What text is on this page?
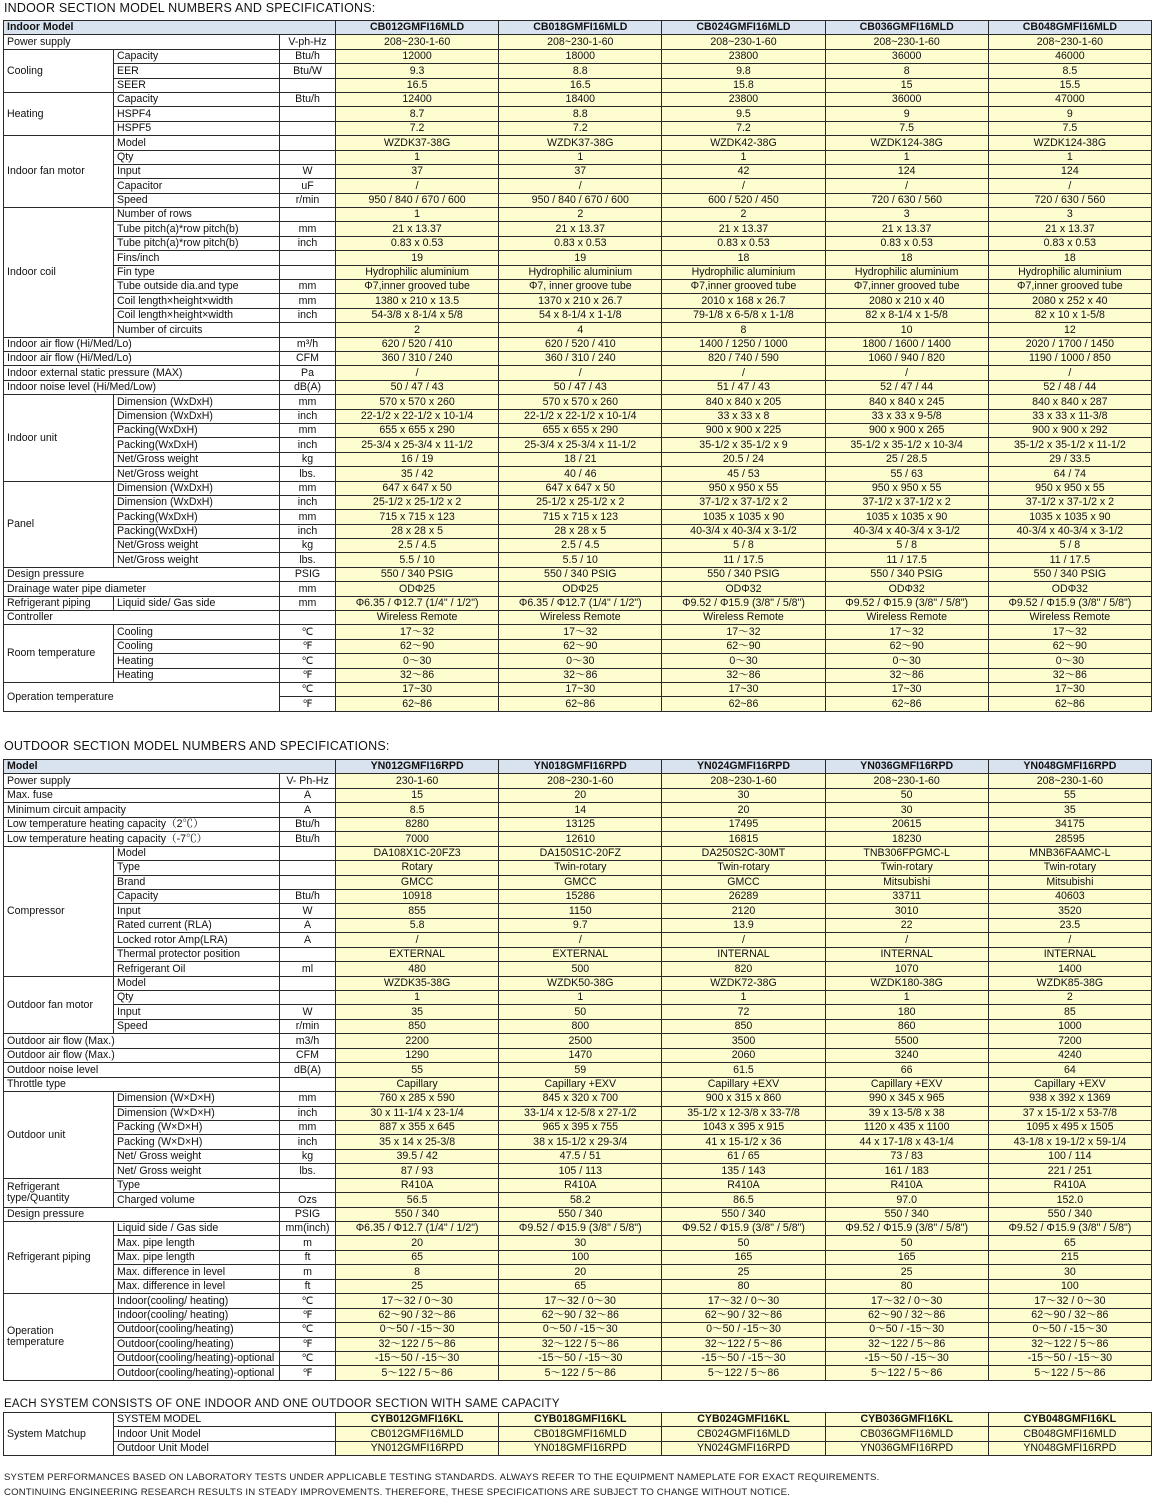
INDOOR SECTION MODEL NUMBERS AND SPECIFICATIONS:
Indoor Model			CB012GMFI16MLD	CB018GMFI16MLD	CB024GMFI16MLD	CB036GMFI16MLD	CB048GMFI16MLD
Power supply		V-ph-Hz	208~230-1-60	208~230-1-60	208~230-1-60	208~230-1-60	208~230-1-60
Cooling	Capacity	Btu/h	12000	18000	23800	36000	46000
	EER	Btu/W	9.3	8.8	9.8	8	8.5
	SEER		16.5	16.5	15.8	15	15.5
Heating	Capacity	Btu/h	12400	18400	23800	36000	47000
	HSPF4		8.7	8.8	9.5	9	9
	HSPF5		7.2	7.2	7.2	7.5	7.5
Indoor fan motor	Model		WZDK37-38G	WZDK37-38G	WZDK42-38G	WZDK124-38G	WZDK124-38G
	Qty		1	1	1	1	1
	Input	W	37	37	42	124	124
	Capacitor	uF	/	/	/	/	/
	Speed	r/min	950 / 840 / 670 / 600	950 / 840 / 670 / 600	600 / 520 / 450	720 / 630 / 560	720 / 630 / 560
Indoor coil	Number of rows		1	2	2	3	3
	Tube pitch(a)*row pitch(b)	mm	21 x 13.37	21 x 13.37	21 x 13.37	21 x 13.37	21 x 13.37
	Tube pitch(a)*row pitch(b)	inch	0.83 x 0.53	0.83 x 0.53	0.83 x 0.53	0.83 x 0.53	0.83 x 0.53
	Fins/inch		19	19	18	18	18
	Fin type		Hydrophilic aluminium	Hydrophilic aluminium	Hydrophilic aluminium	Hydrophilic aluminium	Hydrophilic aluminium
	Tube outside dia.and type	mm	Φ7,inner grooved tube	Φ7, inner groove tube	Φ7,inner grooved tube	Φ7,inner grooved tube	Φ7,inner grooved tube
	Coil length×height×width	mm	1380 x 210 x 13.5	1370 x 210 x 26.7	2010 x 168 x 26.7	2080 x 210 x 40	2080 x 252 x 40
	Coil length×height×width	inch	54-3/8 x 8-1/4 x 5/8	54 x 8-1/4 x 1-1/8	79-1/8 x 6-5/8 x 1-1/8	82 x 8-1/4 x 1-5/8	82 x 10 x 1-5/8
	Number of circuits		2	4	8	10	12
Indoor air flow (Hi/Med/Lo)		m³/h	620 / 520 / 410	620 / 520 / 410	1400 / 1250 / 1000	1800 / 1600 / 1400	2020 / 1700 / 1450
Indoor air flow (Hi/Med/Lo)		CFM	360 / 310 / 240	360 / 310 / 240	820 / 740 / 590	1060 / 940 / 820	1190 / 1000 / 850
Indoor external static pressure (MAX)		Pa	/	/	/	/	/
Indoor noise level (Hi/Med/Low)		dB(A)	50 / 47 / 43	50 / 47 / 43	51 / 47 / 43	52 / 47 / 44	52 / 48 / 44
Indoor unit	Dimension (WxDxH)	mm	570 x 570 x 260	570 x 570 x 260	840 x 840 x 205	840 x 840 x 245	840 x 840 x 287
	Dimension (WxDxH)	inch	22-1/2 x 22-1/2 x 10-1/4	22-1/2 x 22-1/2 x 10-1/4	33 x 33 x 8	33 x 33 x 9-5/8	33 x 33 x 11-3/8
	Packing(WxDxH)	mm	655 x 655 x 290	655 x 655 x 290	900 x 900 x 225	900 x 900 x 265	900 x 900 x 292
	Packing(WxDxH)	inch	25-3/4 x 25-3/4 x 11-1/2	25-3/4 x 25-3/4 x 11-1/2	35-1/2 x 35-1/2 x 9	35-1/2 x 35-1/2 x 10-3/4	35-1/2 x 35-1/2 x 11-1/2
	Net/Gross weight	kg	16 / 19	18 / 21	20.5 / 24	25 / 28.5	29 / 33.5
	Net/Gross weight	lbs.	35 / 42	40 / 46	45 / 53	55 / 63	64 / 74
Panel	Dimension (WxDxH)	mm	647 x 647 x 50	647 x 647 x 50	950 x 950 x 55	950 x 950 x 55	950 x 950 x 55
	Dimension (WxDxH)	inch	25-1/2 x 25-1/2 x 2	25-1/2 x 25-1/2 x 2	37-1/2 x 37-1/2 x 2	37-1/2 x 37-1/2 x 2	37-1/2 x 37-1/2 x 2
	Packing(WxDxH)	mm	715 x 715 x 123	715 x 715 x 123	1035 x 1035 x 90	1035 x 1035 x 90	1035 x 1035 x 90
	Packing(WxDxH)	inch	28 x 28 x 5	28 x 28 x 5	40-3/4 x 40-3/4 x 3-1/2	40-3/4 x 40-3/4 x 3-1/2	40-3/4 x 40-3/4 x 3-1/2
	Net/Gross weight	kg	2.5 / 4.5	2.5 / 4.5	5 / 8	5 / 8	5 / 8
	Net/Gross weight	lbs.	5.5 / 10	5.5 / 10	11 / 17.5	11 / 17.5	11 / 17.5
Design pressure		PSIG	550 / 340 PSIG	550 / 340 PSIG	550 / 340 PSIG	550 / 340 PSIG	550 / 340 PSIG
Drainage water pipe diameter		mm	ODΦ25	ODΦ25	ODΦ32	ODΦ32	ODΦ32
Refrigerant piping	Liquid side/ Gas side	mm	Φ6.35 / Φ12.7 (1/4" / 1/2")	Φ6.35 / Φ12.7 (1/4" / 1/2")	Φ9.52 / Φ15.9 (3/8" / 5/8")	Φ9.52 / Φ15.9 (3/8" / 5/8")	Φ9.52 / Φ15.9 (3/8" / 5/8")
Controller			Wireless Remote	Wireless Remote	Wireless Remote	Wireless Remote	Wireless Remote
Room temperature	Cooling	℃	17～32	17～32	17～32	17～32	17～32
	Cooling	℉	62～90	62～90	62～90	62～90	62～90
	Heating	℃	0～30	0～30	0～30	0～30	0～30
	Heating	℉	32～86	32～86	32～86	32～86	32～86
Operation temperature		℃	17~30	17~30	17~30	17~30	17~30
		℉	62~86	62~86	62~86	62~86	62~86
OUTDOOR SECTION MODEL NUMBERS AND SPECIFICATIONS:
Model			YN012GMFI16RPD	YN018GMFI16RPD	YN024GMFI16RPD	YN036GMFI16RPD	YN048GMFI16RPD
Power supply		V- Ph-Hz	230-1-60	208~230-1-60	208~230-1-60	208~230-1-60	208~230-1-60
Max. fuse		A	15	20	30	50	55
Minimum circuit ampacity		A	8.5	14	20	30	35
Low temperature heating capacity（2℃）		Btu/h	8280	13125	17495	20615	34175
Low temperature heating capacity（-7℃）		Btu/h	7000	12610	16815	18230	28595
Compressor	Model		DA108X1C-20FZ3	DA150S1C-20FZ	DA250S2C-30MT	TNB306FPGMC-L	MNB36FAAMC-L
	Type		Rotary	Twin-rotary	Twin-rotary	Twin-rotary	Twin-rotary
	Brand		GMCC	GMCC	GMCC	Mitsubishi	Mitsubishi
	Capacity	Btu/h	10918	15286	26289	33711	40603
	Input	W	855	1150	2120	3010	3520
	Rated current (RLA)	A	5.8	9.7	13.9	22	23.5
	Locked rotor Amp(LRA)	A	/	/	/	/	/
	Thermal protector position		EXTERNAL	EXTERNAL	INTERNAL	INTERNAL	INTERNAL
	Refrigerant Oil	ml	480	500	820	1070	1400
Outdoor fan motor	Model		WZDK35-38G	WZDK50-38G	WZDK72-38G	WZDK180-38G	WZDK85-38G
	Qty		1	1	1	1	2
	Input	W	35	50	72	180	85
	Speed	r/min	850	800	850	860	1000
Outdoor air flow (Max.)		m3/h	2200	2500	3500	5500	7200
Outdoor air flow (Max.)		CFM	1290	1470	2060	3240	4240
Outdoor noise level		dB(A)	55	59	61.5	66	64
Throttle type			Capillary	Capillary +EXV	Capillary +EXV	Capillary +EXV	Capillary +EXV
Outdoor unit	Dimension (W×D×H)	mm	760 x 285 x 590	845 x 320 x 700	900 x 315 x 860	990 x 345 x 965	938 x 392 x 1369
	Dimension (W×D×H)	inch	30 x 11-1/4 x 23-1/4	33-1/4 x 12-5/8 x 27-1/2	35-1/2 x 12-3/8 x 33-7/8	39 x 13-5/8 x 38	37 x 15-1/2 x 53-7/8
	Packing (W×D×H)	mm	887 x 355 x 645	965 x 395 x 755	1043 x 395 x 915	1120 x 435 x 1100	1095 x 495 x 1505
	Packing (W×D×H)	inch	35 x 14 x 25-3/8	38 x 15-1/2 x 29-3/4	41 x 15-1/2 x 36	44 x 17-1/8 x 43-1/4	43-1/8 x 19-1/2 x 59-1/4
	Net/ Gross weight	kg	39.5 / 42	47.5 / 51	61 / 65	73 / 83	100 / 114
	Net/ Gross weight	lbs.	87 / 93	105 / 113	135 / 143	161 / 183	221 / 251
Refrigerant type/Quantity	Type		R410A	R410A	R410A	R410A	R410A
	Charged volume	Ozs	56.5	58.2	86.5	97.0	152.0
Design pressure		PSIG	550 / 340	550 / 340	550 / 340	550 / 340	550 / 340
Refrigerant piping	Liquid side / Gas side	mm(inch)	Φ6.35 / Φ12.7 (1/4" / 1/2")	Φ9.52 / Φ15.9 (3/8" / 5/8")	Φ9.52 / Φ15.9 (3/8" / 5/8")	Φ9.52 / Φ15.9 (3/8" / 5/8")	Φ9.52 / Φ15.9 (3/8" / 5/8")
	Max. pipe length	m	20	30	50	50	65
	Max. pipe length	ft	65	100	165	165	215
	Max. difference in level	m	8	20	25	25	30
	Max. difference in level	ft	25	65	80	80	100
Operation temperature	Indoor(cooling/ heating)	℃	17～32 / 0～30	17～32 / 0～30	17～32 / 0～30	17～32 / 0～30	17～32 / 0～30
	Indoor(cooling/ heating)	℉	62～90 / 32～86	62～90 / 32～86	62～90 / 32～86	62～90 / 32～86	62～90 / 32～86
	Outdoor(cooling/heating)	℃	0～50 / -15～30	0～50 / -15～30	0～50 / -15～30	0～50 / -15～30	0～50 / -15～30
	Outdoor(cooling/heating)	℉	32～122 / 5～86	32～122 / 5～86	32～122 / 5～86	32～122 / 5～86	32～122 / 5～86
	Outdoor(cooling/heating)-optional	℃	-15～50 / -15～30	-15～50 / -15～30	-15～50 / -15～30	-15～50 / -15～30	-15～50 / -15～30
	Outdoor(cooling/heating)-optional	℉	5～122 / 5～86	5～122 / 5～86	5～122 / 5～86	5～122 / 5～86	5～122 / 5～86
EACH SYSTEM CONSISTS OF ONE INDOOR AND ONE OUTDOOR SECTION WITH SAME CAPACITY
System Matchup	SYSTEM MODEL	CYB012GMFI16KL	CYB018GMFI16KL	CYB024GMFI16KL	CYB036GMFI16KL	CYB048GMFI16KL
	Indoor Unit Model	CB012GMFI16MLD	CB018GMFI16MLD	CB024GMFI16MLD	CB036GMFI16MLD	CB048GMFI16MLD
	Outdoor Unit Model	YN012GMFI16RPD	YN018GMFI16RPD	YN024GMFI16RPD	YN036GMFI16RPD	YN048GMFI16RPD
SYSTEM PERFORMANCES BASED ON LABORATORY TESTS UNDER APPLICABLE TESTING STANDARDS. ALWAYS REFER TO THE EQUIPMENT NAMEPLATE FOR EXACT REQUIREMENTS.
CONTINUING ENGINEERING RESEARCH RESULTS IN STEADY IMPROVEMENTS. THEREFORE, THESE SPECIFICATIONS ARE SUBJECT TO CHANGE WITHOUT NOTICE.
